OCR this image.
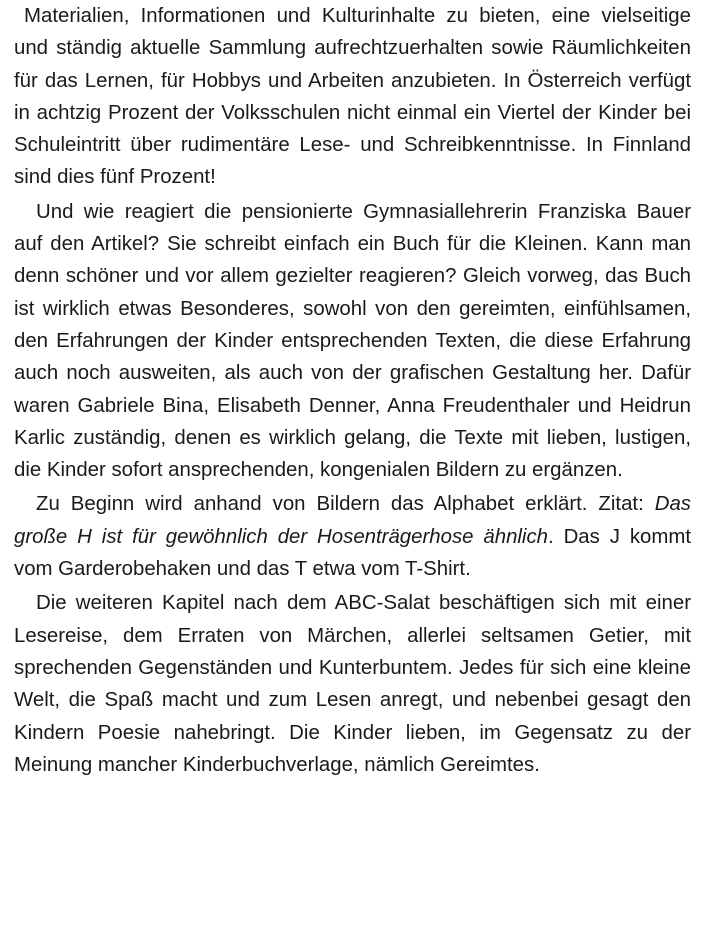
Materialien, Informationen und Kulturinhalte zu bieten, eine vielseitige und ständig aktuelle Sammlung aufrechtzuerhalten sowie Räumlichkeiten für das Lernen, für Hobbys und Arbeiten anzubieten. In Österreich verfügt in achtzig Prozent der Volksschulen nicht einmal ein Viertel der Kinder bei Schuleintritt über rudimentäre Lese- und Schreibkenntnisse. In Finnland sind dies fünf Prozent!

Und wie reagiert die pensionierte Gymnasiallehrerin Franziska Bauer auf den Artikel? Sie schreibt einfach ein Buch für die Kleinen. Kann man denn schöner und vor allem gezielter reagieren? Gleich vorweg, das Buch ist wirklich etwas Besonderes, sowohl von den gereimten, einfühlsamen, den Erfahrungen der Kinder entsprechenden Texten, die diese Erfahrung auch noch ausweiten, als auch von der grafischen Gestaltung her. Dafür waren Gabriele Bina, Elisabeth Denner, Anna Freudenthaler und Heidrun Karlic zuständig, denen es wirklich gelang, die Texte mit lieben, lustigen, die Kinder sofort ansprechenden, kongenialen Bildern zu ergänzen.

Zu Beginn wird anhand von Bildern das Alphabet erklärt. Zitat: Das große H ist für gewöhnlich der Hosenträgerhose ähnlich. Das J kommt vom Garderobehaken und das T etwa vom T-Shirt.

Die weiteren Kapitel nach dem ABC-Salat beschäftigen sich mit einer Lesereise, dem Erraten von Märchen, allerlei seltsamen Getier, mit sprechenden Gegenständen und Kunterbuntem. Jedes für sich eine kleine Welt, die Spaß macht und zum Lesen anregt, und nebenbei gesagt den Kindern Poesie nahebringt. Die Kinder lieben, im Gegensatz zu der Meinung mancher Kinderbuchverlage, nämlich Gereimtes.
